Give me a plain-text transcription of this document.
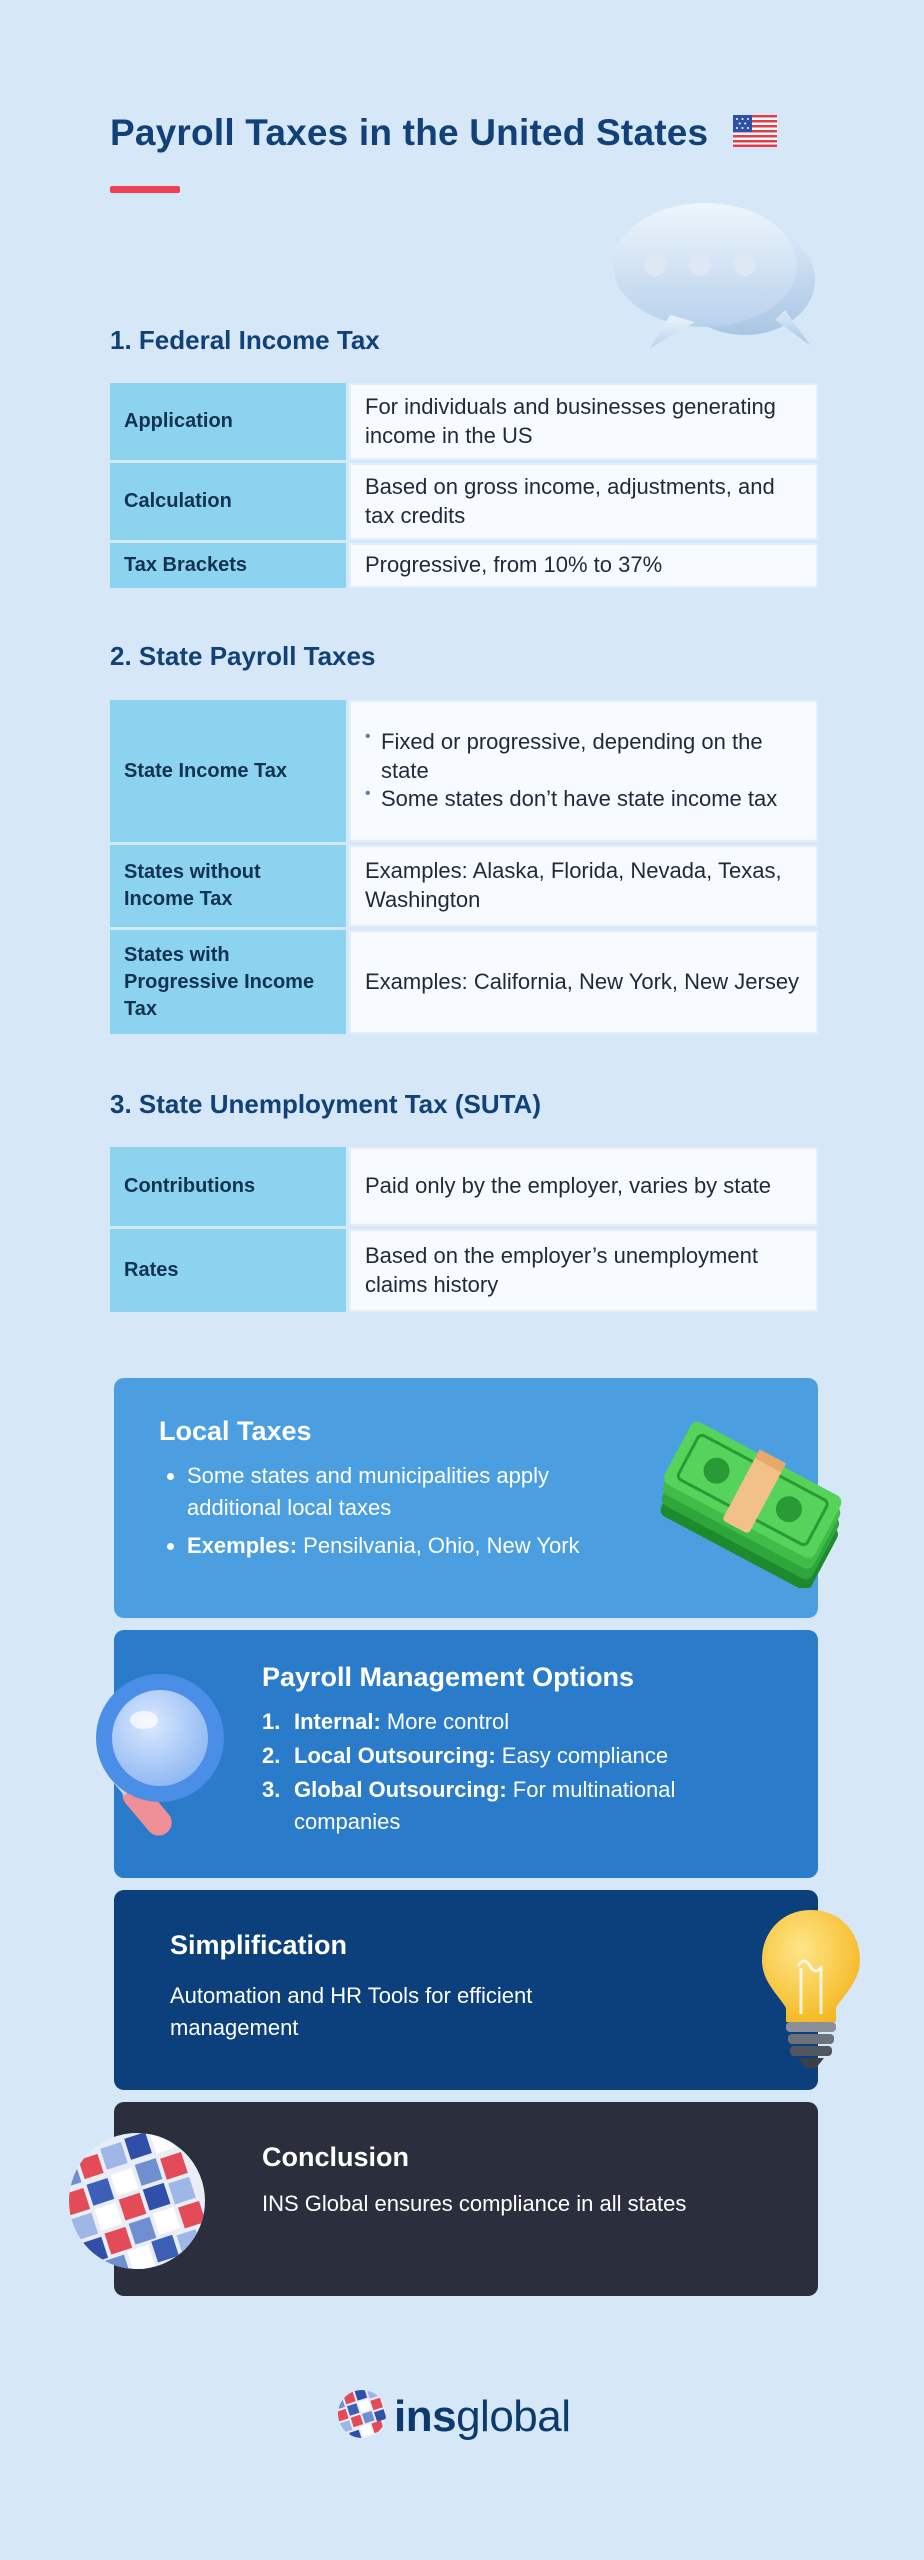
Payroll Taxes in the United States
1. Federal Income Tax
Application
For individuals and businesses generating income in the US
Calculation
Based on gross income, adjustments, and tax credits
Tax Brackets	Progressive, from 10% to 37%
2. State Payroll Taxes
State Income Tax
• Fixed or progressive, depending on the state
• Some states don’t have state income tax
States without Income Tax
Examples: Alaska, Florida, Nevada, Texas, Washington
States with Progressive Income Tax
Examples: California, New York, New Jersey
3. State Unemployment Tax (SUTA)
Contributions	Paid only by the employer, varies by state
Rates
Based on the employer’s unemployment claims history
Local Taxes
• Some states and municipalities apply additional local taxes
• Exemples: Pensilvania, Ohio, New York
Payroll Management Options
1. Internal: More control
2. Local Outsourcing: Easy compliance
3. Global Outsourcing: For multinational companies
Simplification
Automation and HR Tools for efficient management
Conclusion
INS Global ensures compliance in all states
insglobal
